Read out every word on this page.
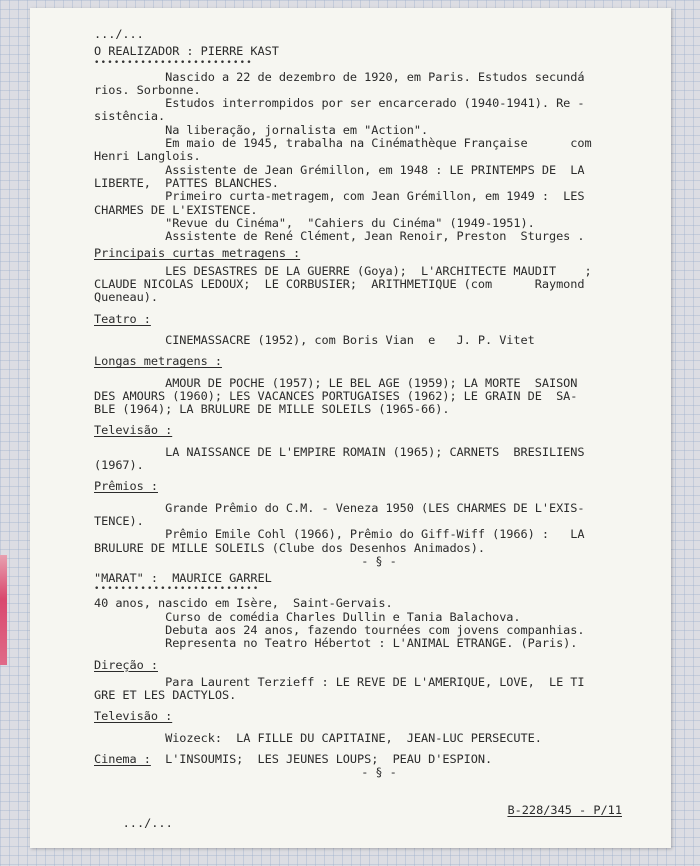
.../...
O REALIZADOR : PIERRE KAST
••••••••••••••••••••••••
Nascido a 22 de dezembro de 1920, em Paris. Estudos secundá
rios. Sorbonne.
Estudos interrompidos por ser encarcerado (1940-1941). Re -
sistência.
Na liberação, jornalista em "Action".
Em maio de 1945, trabalha na Cinémathèque Française      com
Henri Langlois.
Assistente de Jean Grémillon, em 1948 : LE PRINTEMPS DE  LA
LIBERTE,  PATTES BLANCHES.
Primeiro curta-metragem, com Jean Grémillon, em 1949 :  LES
CHARMES DE L'EXISTENCE.
"Revue du Cinéma",  "Cahiers du Cinéma" (1949-1951).
Assistente de René Clément, Jean Renoir, Preston  Sturges .
Principais curtas metragens :
LES DESASTRES DE LA GUERRE (Goya);  L'ARCHITECTE MAUDIT    ;
CLAUDE NICOLAS LEDOUX;  LE CORBUSIER;  ARITHMETIQUE (com      Raymond
Queneau).
Teatro :
CINEMASSACRE (1952), com Boris Vian  e   J. P. Vitet
Longas metragens :
AMOUR DE POCHE (1957); LE BEL AGE (1959); LA MORTE  SAISON
DES AMOURS (1960); LES VACANCES PORTUGAISES (1962); LE GRAIN DE  SA-
BLE (1964); LA BRULURE DE MILLE SOLEILS (1965-66).
Televisão :
LA NAISSANCE DE L'EMPIRE ROMAIN (1965); CARNETS  BRESILIENS
(1967).
Prêmios :
Grande Prêmio do C.M. - Veneza 1950 (LES CHARMES DE L'EXIS-
TENCE).
Prêmio Emile Cohl (1966), Prêmio do Giff-Wiff (1966) :   LA
BRULURE DE MILLE SOLEILS (Clube dos Desenhos Animados).
- § -
"MARAT" :  MAURICE GARREL
•••••••••••••••••••••••••
40 anos, nascido em Isère,  Saint-Gervais.
Curso de comédia Charles Dullin e Tania Balachova.
Debuta aos 24 anos, fazendo tournées com jovens companhias.
Representa no Teatro Hébertot : L'ANIMAL ETRANGE. (Paris).
Direção :
Para Laurent Terzieff : LE REVE DE L'AMERIQUE, LOVE,  LE TI
GRE ET LES DACTYLOS.
Televisão :
Wiozeck:  LA FILLE DU CAPITAINE,  JEAN-LUC PERSECUTE.
Cinema :  L'INSOUMIS;  LES JEUNES LOUPS;  PEAU D'ESPION.
- § -

.../...

B-228/345 - P/11
